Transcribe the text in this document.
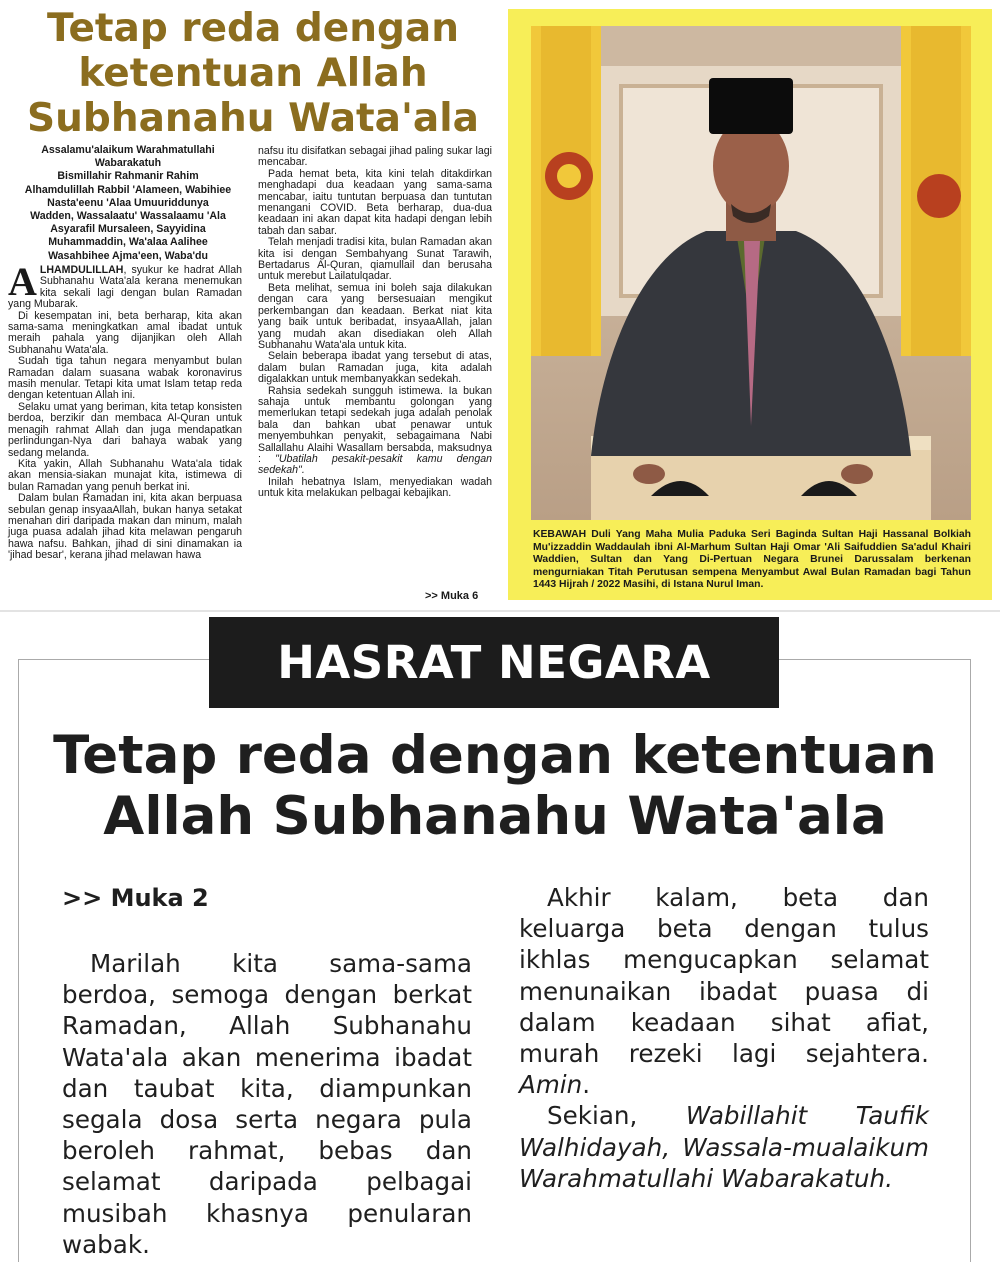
Tetap reda dengan
ketentuan Allah
Subhanahu Wata'ala
Assalamu'alaikum Warahmatullahi
Wabarakatuh
Bismillahir Rahmanir Rahim
Alhamdulillah Rabbil 'Alameen, Wabihiee
Nasta'eenu 'Alaa Umuuriddunya
Wadden, Wassalaatu' Wassalaamu 'Ala
Asyarafil Mursaleen, Sayyidina
Muhammaddin, Wa'alaa Aalihee
Wasahbihee Ajma'een, Waba'du

ALHAMDULILLAH, syukur ke hadrat Allah Subhanahu Wata'ala kerana menemukan kita sekali lagi dengan bulan Ramadan yang Mubarak.

Di kesempatan ini, beta berharap, kita akan sama-sama meningkatkan amal ibadat untuk meraih pahala yang dijanjikan oleh Allah Subhanahu Wata'ala.

Sudah tiga tahun negara menyambut bulan Ramadan dalam suasana wabak koronavirus masih menular. Tetapi kita umat Islam tetap reda dengan ketentuan Allah ini.

Selaku umat yang beriman, kita tetap konsisten berdoa, berzikir dan membaca Al-Quran untuk menagih rahmat Allah dan juga mendapatkan perlindungan-Nya dari bahaya wabak yang sedang melanda.

Kita yakin, Allah Subhanahu Wata'ala tidak akan mensia-siakan munajat kita, istimewa di bulan Ramadan yang penuh berkat ini.

Dalam bulan Ramadan ini, kita akan berpuasa sebulan genap insyaaAllah, bukan hanya setakat menahan diri daripada makan dan minum, malah juga puasa adalah jihad kita melawan pengaruh hawa nafsu. Bahkan, jihad di sini dinamakan ia 'jihad besar', kerana jihad melawan hawa

nafsu itu disifatkan sebagai jihad paling sukar lagi mencabar.

Pada hemat beta, kita kini telah ditakdirkan menghadapi dua keadaan yang sama-sama mencabar, iaitu tuntutan berpuasa dan tuntutan menangani COVID. Beta berharap, dua-dua keadaan ini akan dapat kita hadapi dengan lebih tabah dan sabar.

Telah menjadi tradisi kita, bulan Ramadan akan kita isi dengan Sembahyang Sunat Tarawih, Bertadarus Al-Quran, qiamullail dan berusaha untuk merebut Lailatulqadar.

Beta melihat, semua ini boleh saja dilakukan dengan cara yang bersesuaian mengikut perkembangan dan keadaan. Berkat niat kita yang baik untuk beribadat, insyaaAllah, jalan yang mudah akan disediakan oleh Allah Subhanahu Wata'ala untuk kita.

Selain beberapa ibadat yang tersebut di atas, dalam bulan Ramadan juga, kita adalah digalakkan untuk membanyakkan sedekah.

Rahsia sedekah sungguh istimewa. Ia bukan sahaja untuk membantu golongan yang memerlukan tetapi sedekah juga adalah penolak bala dan bahkan ubat penawar untuk menyembuhkan penyakit, sebagaimana Nabi Sallallahu Alaihi Wasallam bersabda, maksudnya : "Ubatilah pesakit-pesakit kamu dengan sedekah".

Inilah hebatnya Islam, menyediakan wadah untuk kita melakukan pelbagai kebajikan.

>> Muka 6
KEBAWAH Duli Yang Maha Mulia Paduka Seri Baginda Sultan Haji Hassanal Bolkiah Mu'izzaddin Waddaulah ibni Al-Marhum Sultan Haji Omar 'Ali Saifuddien Sa'adul Khairi Waddien, Sultan dan Yang Di-Pertuan Negara Brunei Darussalam berkenan mengurniakan Titah Perutusan sempena Menyambut Awal Bulan Ramadan bagi Tahun 1443 Hijrah / 2022 Masihi, di Istana Nurul Iman.
HASRAT NEGARA
Tetap reda dengan ketentuan
Allah Subhanahu Wata'ala
>> Muka 2

Marilah kita sama-sama berdoa, semoga dengan berkat Ramadan, Allah Subhanahu Wata'ala akan menerima ibadat dan taubat kita, diampunkan segala dosa serta negara pula beroleh rahmat, bebas dan selamat daripada pelbagai musibah khasnya penularan wabak.

Akhir kalam, beta dan keluarga beta dengan tulus ikhlas mengucapkan selamat menunaikan ibadat puasa di dalam keadaan sihat afiat, murah rezeki lagi sejahtera. Amin.

Sekian, Wabillahit Taufik Walhidayah, Wassala-mualaikum Warahmatullahi Wabarakatuh.
